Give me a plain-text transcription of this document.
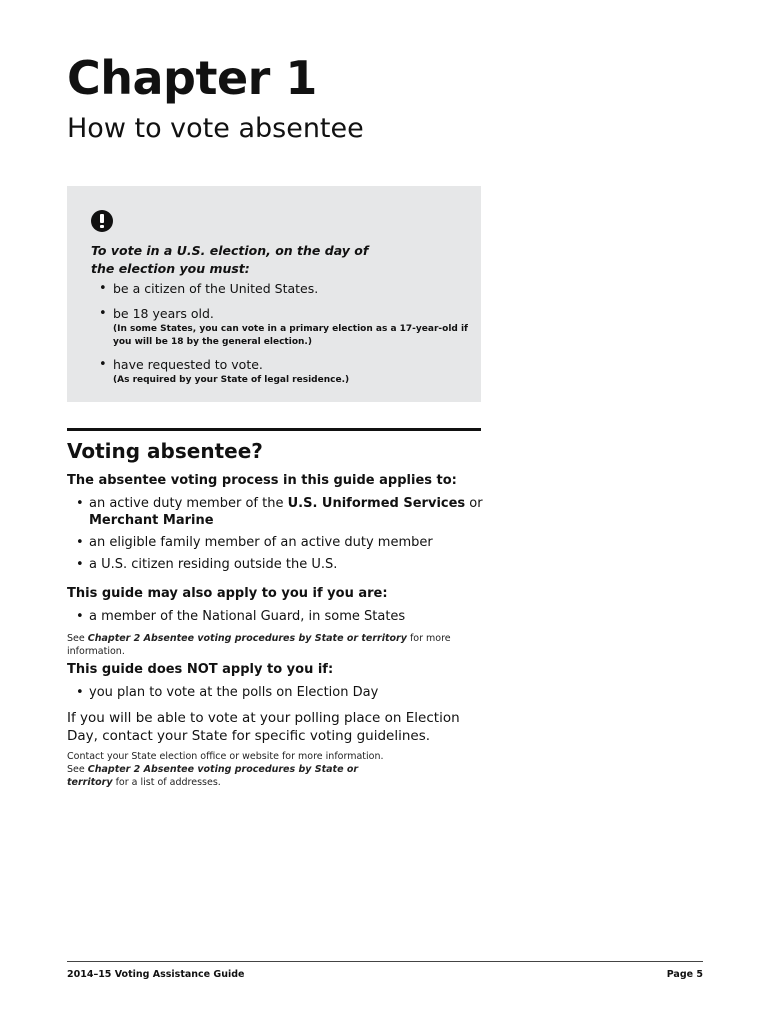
Chapter 1
How to vote absentee

To vote in a U.S. election, on the day of the election you must:

• be a citizen of the United States.
• be 18 years old.
(In some States, you can vote in a primary election as a 17-year-old if you will be 18 by the general election.)
• have requested to vote.
(As required by your State of legal residence.)
Voting absentee?

The absentee voting process in this guide applies to:

• an active duty member of the U.S. Uniformed Services or Merchant Marine
• an eligible family member of an active duty member
• a U.S. citizen residing outside the U.S.

This guide may also apply to you if you are:

• a member of the National Guard, in some States

See Chapter 2 Absentee voting procedures by State or territory for more information.

This guide does NOT apply to you if:

• you plan to vote at the polls on Election Day

If you will be able to vote at your polling place on Election Day, contact your State for specific voting guidelines.

Contact your State election office or website for more information.
See Chapter 2 Absentee voting procedures by State or territory for a list of addresses.

2014–15 Voting Assistance Guide	Page 5
